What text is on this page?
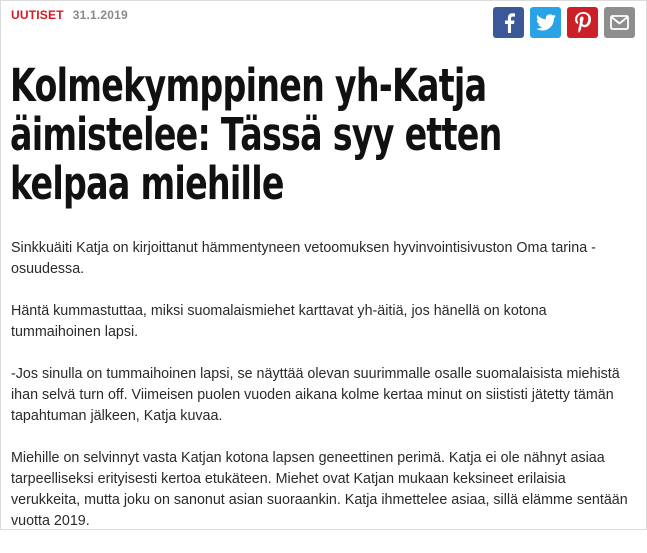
UUTISET 31.1.2019
Kolmekymppinen yh-Katja äimistelee: Tässä syy etten kelpaa miehille

Sinkkuäiti Katja on kirjoittanut hämmentyneen vetoomuksen hyvinvointisivuston Oma tarina -osuudessa.

Häntä kummastuttaa, miksi suomalaismiehet karttavat yh-äitiä, jos hänellä on kotona tummaihoinen lapsi.

-Jos sinulla on tummaihoinen lapsi, se näyttää olevan suurimmalle osalle suomalaisista miehistä ihan selvä turn off. Viimeisen puolen vuoden aikana kolme kertaa minut on siististi jätetty tämän tapahtuman jälkeen, Katja kuvaa.

Miehille on selvinnyt vasta Katjan kotona lapsen geneettinen perimä. Katja ei ole nähnyt asiaa tarpeelliseksi erityisesti kertoa etukäteen. Miehet ovat Katjan mukaan keksineet erilaisia verukkeita, mutta joku on sanonut asian suoraankin. Katja ihmettelee asiaa, sillä elämme sentään vuotta 2019.
